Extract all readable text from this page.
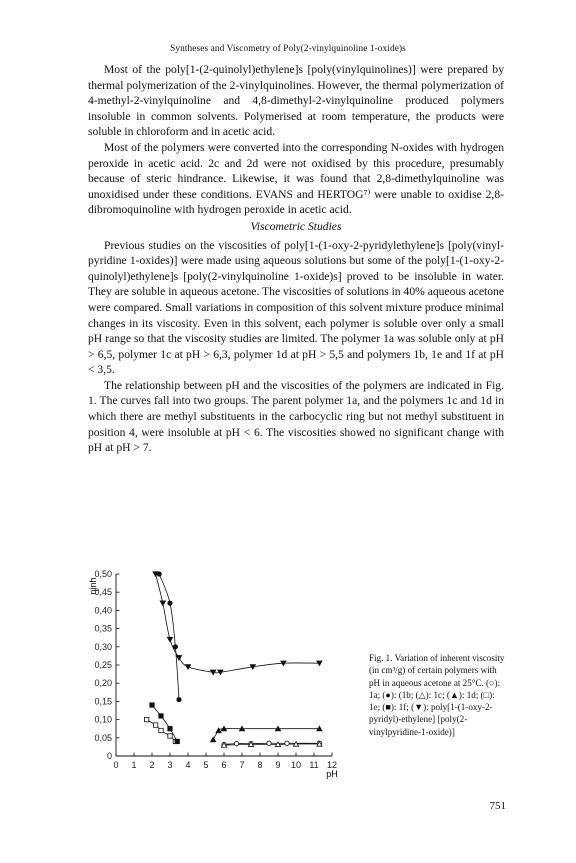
Syntheses and Viscometry of Poly(2-vinylquinoline 1-oxide)s

Most of the poly[1-(2-quinolyl)ethylene]s [poly(vinylquinolines)] were prepared by thermal polymerization of the 2-vinylquinolines. However, the thermal polymerization of 4-methyl-2-vinylquinoline and 4,8-dimethyl-2-vinylquinoline produced polymers insoluble in common solvents. Polymerised at room temperature, the products were soluble in chloroform and in acetic acid.

Most of the polymers were converted into the corresponding N-oxides with hydrogen peroxide in acetic acid. 2c and 2d were not oxidised by this procedure, presumably because of steric hindrance. Likewise, it was found that 2,8-dimethylquinoline was unoxidised under these conditions. EVANS and HERTOG⁷⁾ were unable to oxidise 2,8-dibromoquinoline with hydrogen peroxide in acetic acid.

Viscometric Studies

Previous studies on the viscosities of poly[1-(1-oxy-2-pyridylethylene]s [poly(vinyl-pyridine 1-oxides)] were made using aqueous solutions but some of the poly[1-(1-oxy-2-quinolyl)ethylene]s [poly(2-vinylquinoline 1-oxide)s] proved to be insoluble in water. They are soluble in aqueous acetone. The viscosities of solutions in 40% aqueous acetone were compared. Small variations in composition of this solvent mixture produce minimal changes in its viscosity. Even in this solvent, each polymer is soluble over only a small pH range so that the viscosity studies are limited. The polymer 1a was soluble only at pH > 6,5, polymer 1c at pH > 6,3, polymer 1d at pH > 5,5 and polymers 1b, 1e and 1f at pH < 3,5.

The relationship between pH and the viscosities of the polymers are indicated in Fig. 1. The curves fall into two groups. The parent polymer 1a, and the polymers 1c and 1d in which there are methyl substituents in the carbocyclic ring but not methyl substituent in position 4, were insoluble at pH < 6. The viscosities showed no significant change with pH at pH > 7.

0 1 2 3 4 5 6 7 8 9 10 11 12
0
0,05
0,10
0,15
0,20
0,25
0,30
0,35
0,40
0,45
0,50
ηinh
pH
Fig. 1. Variation of inherent viscosity (in cm³/g) of certain polymers with pH in aqueous acetone at 25°C. (○): 1a; (●): (1b; (△): 1c; (▲): 1d; (□): 1e; (■): 1f; (▼): poly[1-(1-oxy-2-pyridyl)-ethylene] [poly(2-vinylpyridine-1-oxide)]
751
